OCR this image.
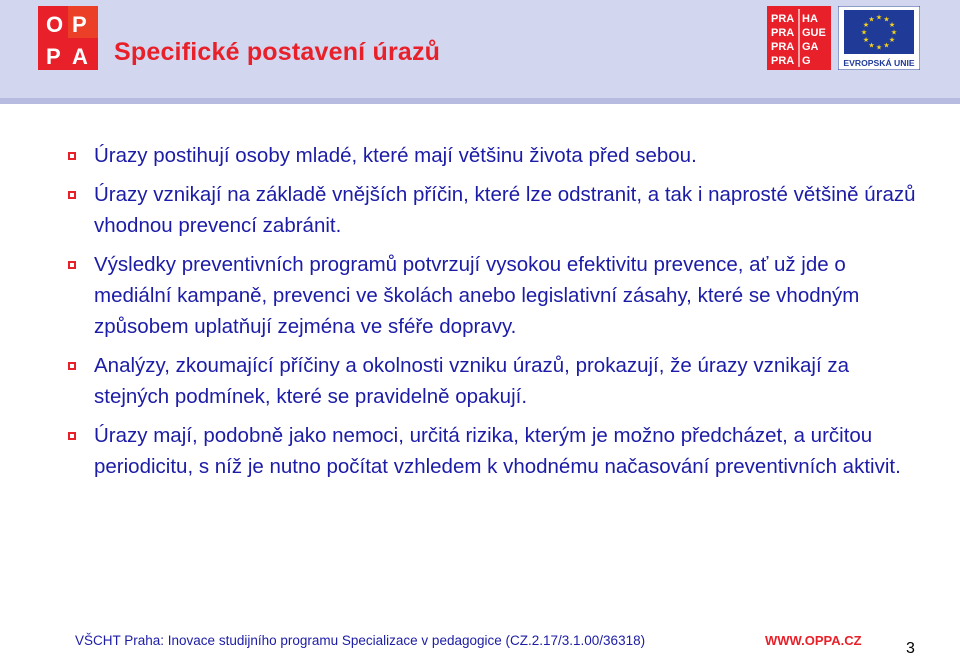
O P
P A Specifické postavení úrazů
PRA HA
PRA GUE
PRA GA
PRA G
★ ★
★
★
★
★
★
★
★
★
★
★
EVROPSKÁ UNIE
Úrazy postihují osoby mladé, které mají většinu života před sebou.
Úrazy vznikají na základě vnějších příčin, které lze odstranit, a tak i naprosté většině úrazů vhodnou prevencí zabránit.
Výsledky preventivních programů potvrzují vysokou efektivitu prevence, ať už jde o mediální kampaně, prevenci ve školách anebo legislativní zásahy, které se vhodným způsobem uplatňují zejména ve sféře dopravy.
Analýzy, zkoumající příčiny a okolnosti vzniku úrazů, prokazují, že úrazy vznikají za stejných podmínek, které se pravidelně opakují.
Úrazy mají, podobně jako nemoci, určitá rizika, kterým je možno předcházet, a určitou periodicitu, s níž je nutno počítat vzhledem k vhodnému načasování preventivních aktivit.
VŠCHT Praha: Inovace studijního programu Specializace v pedagogice (CZ.2.17/3.1.00/36318)	WWW.OPPA.CZ	3
